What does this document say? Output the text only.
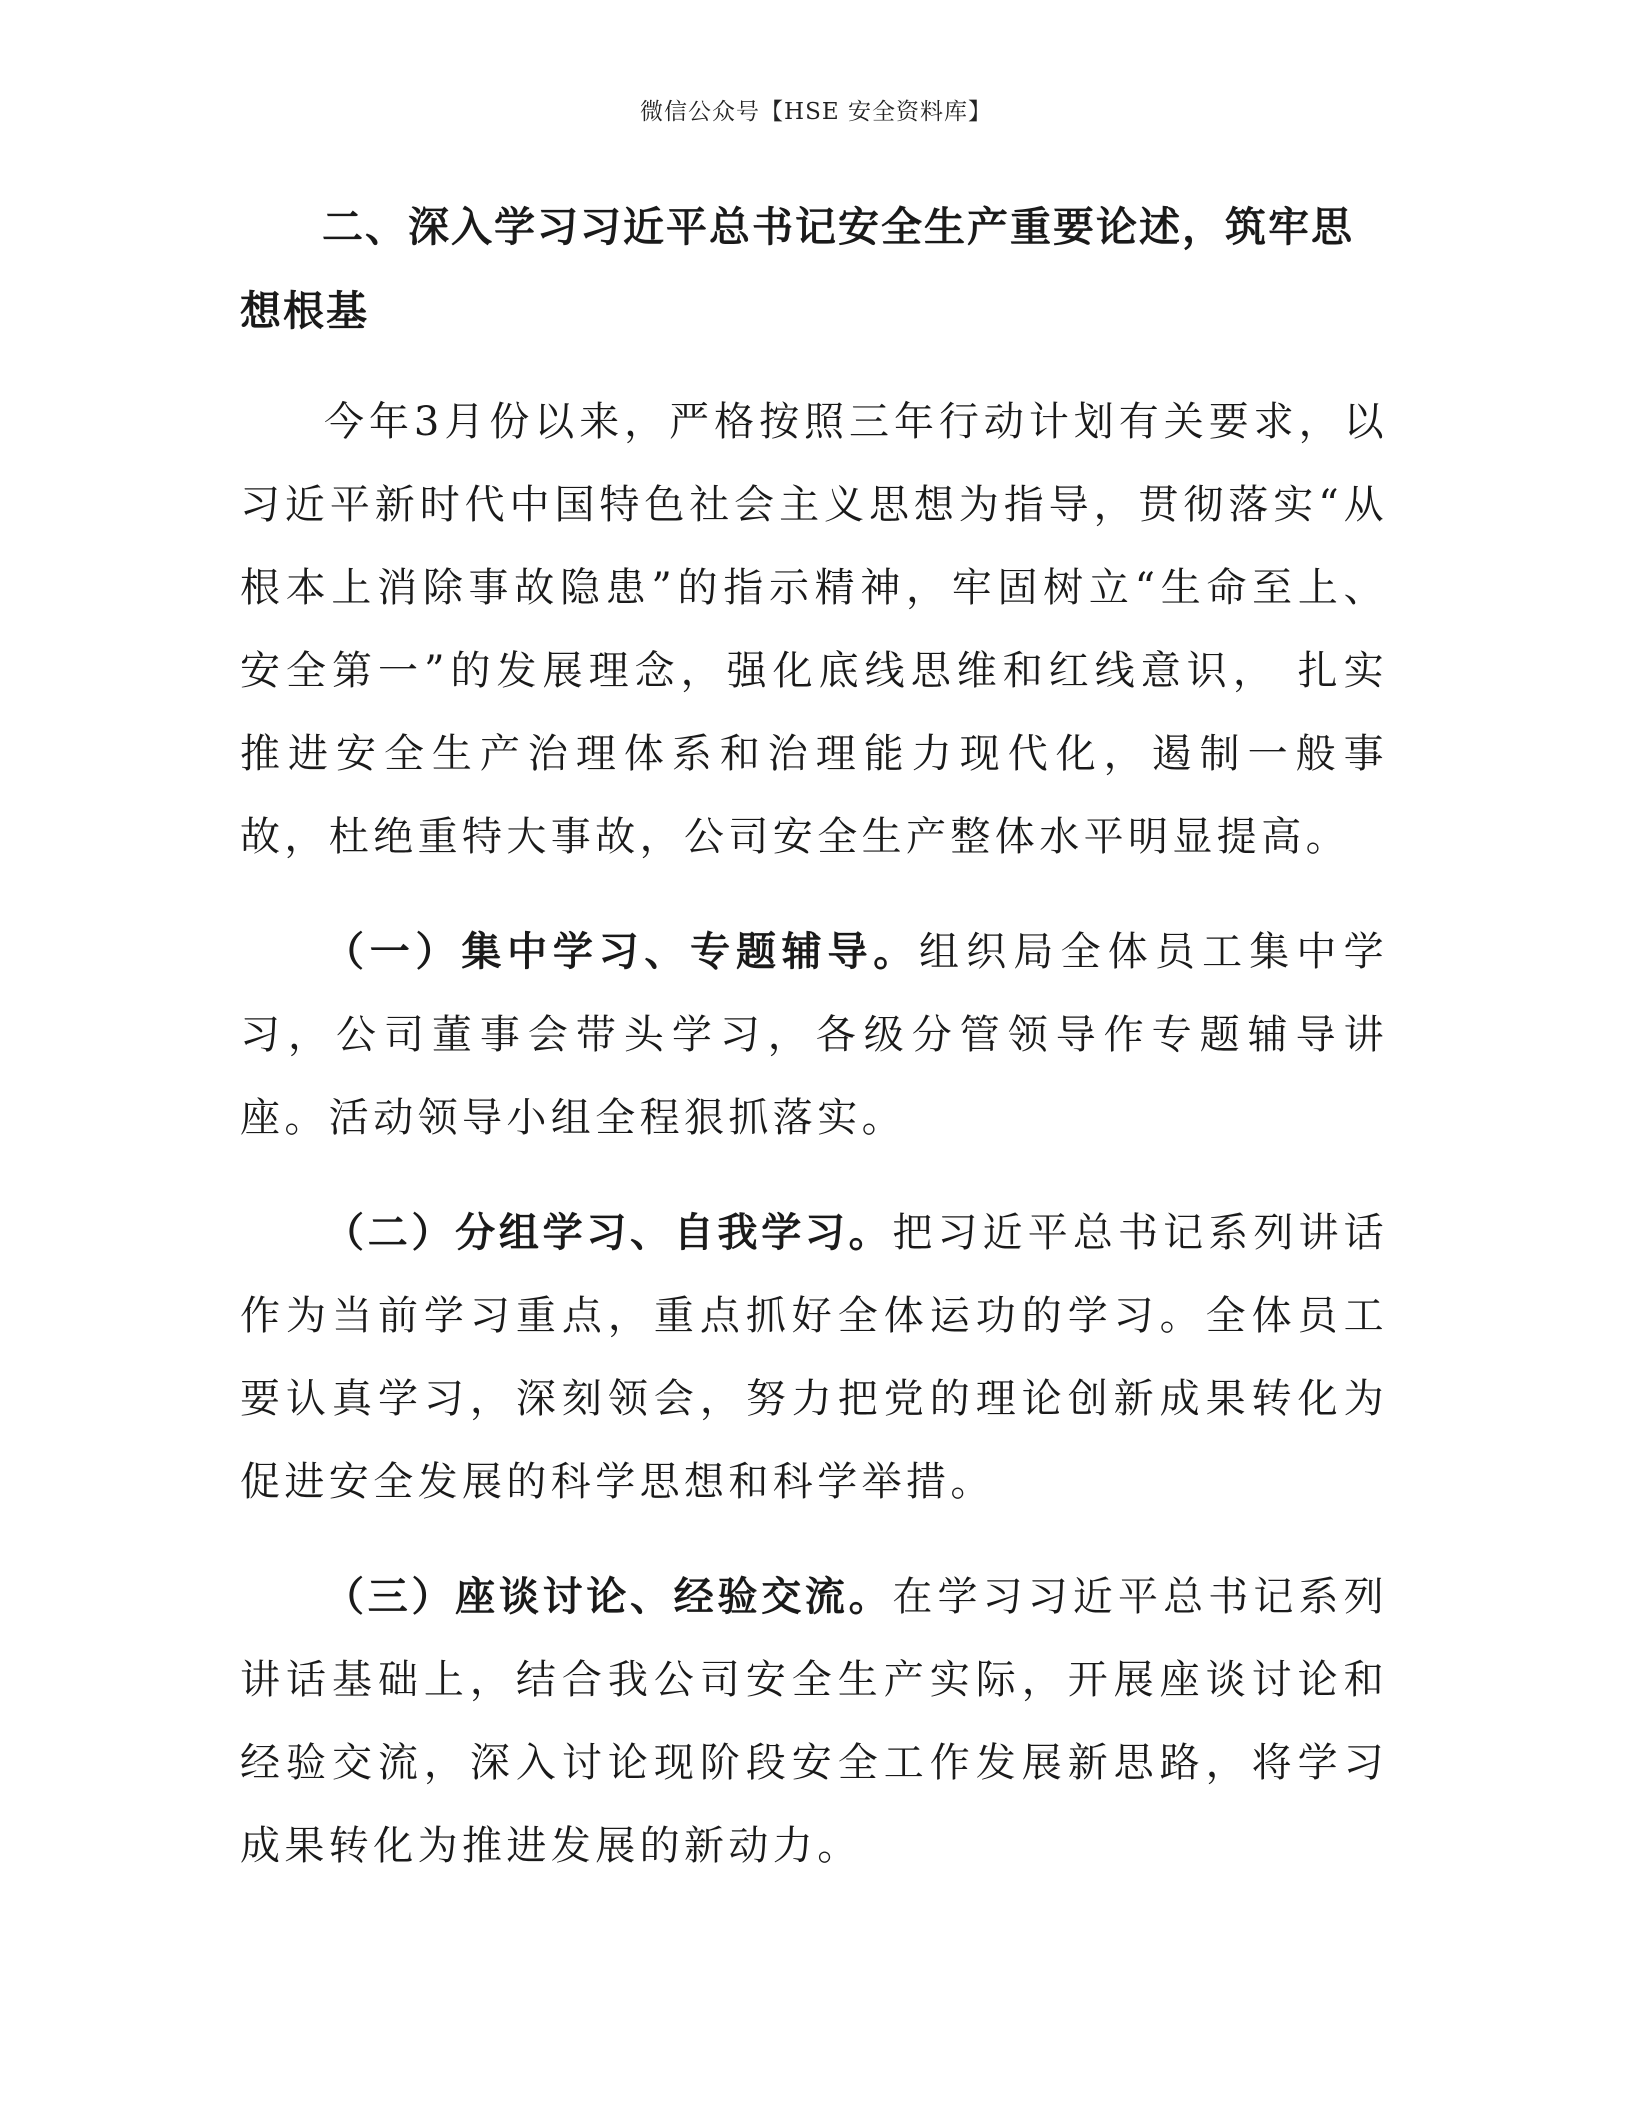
微信公众号【HSE 安全资料库】
二、深入学习习近平总书记安全生产重要论述，筑牢思想根基

今年3月份以来，严格按照三年行动计划有关要求，以习近平新时代中国特色社会主义思想为指导，贯彻落实“从根本上消除事故隐患”的指示精神，牢固树立“生命至上、安全第一”的发展理念，强化底线思维和红线意识， 扎实推进安全生产治理体系和治理能力现代化，遏制一般事故，杜绝重特大事故，公司安全生产整体水平明显提高。

（一）集中学习、专题辅导。组织局全体员工集中学习，公司董事会带头学习，各级分管领导作专题辅导讲座。活动领导小组全程狠抓落实。

（二）分组学习、自我学习。把习近平总书记系列讲话作为当前学习重点，重点抓好全体运功的学习。全体员工要认真学习，深刻领会，努力把党的理论创新成果转化为促进安全发展的科学思想和科学举措。

（三）座谈讨论、经验交流。在学习习近平总书记系列讲话基础上，结合我公司安全生产实际，开展座谈讨论和经验交流，深入讨论现阶段安全工作发展新思路，将学习成果转化为推进发展的新动力。
